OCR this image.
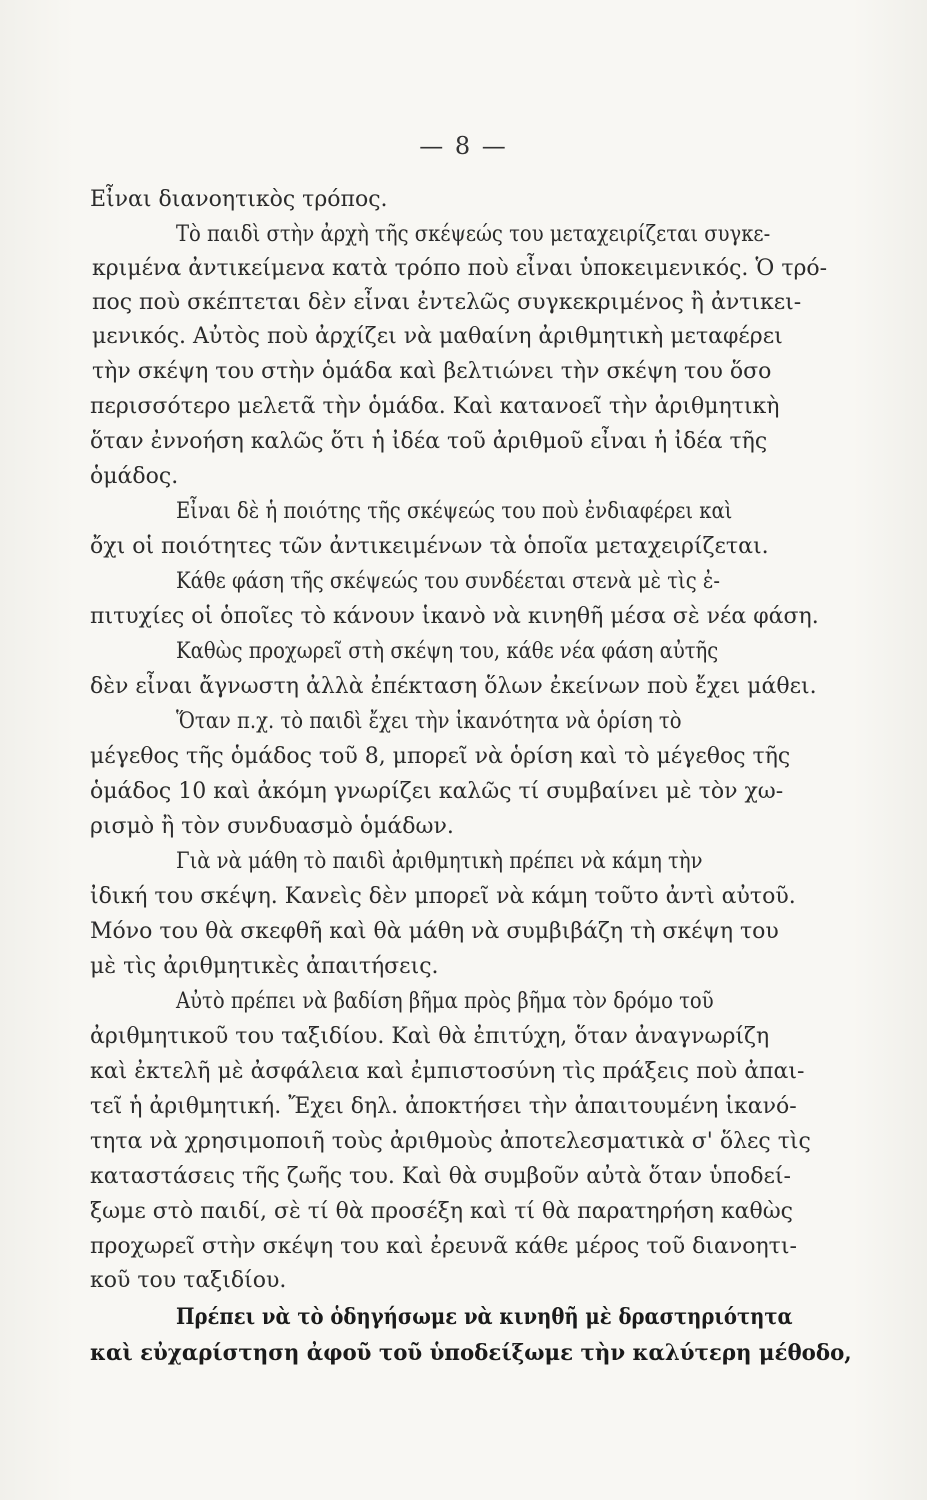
— 8 —
Εἶναι διανοητικὸς τρόπος.
Τὸ παιδὶ στὴν ἀρχὴ τῆς σκέψεώς του μεταχειρίζεται συγκε-
κριμένα ἀντικείμενα κατὰ τρόπο ποὺ εἶναι ὑποκειμενικός. Ὁ τρό-
πος ποὺ σκέπτεται δὲν εἶναι ἐντελῶς συγκεκριμένος ἢ ἀντικει-
μενικός. Αὐτὸς ποὺ ἀρχίζει νὰ μαθαίνη ἀριθμητικὴ μεταφέρει
τὴν σκέψη του στὴν ὁμάδα καὶ βελτιώνει τὴν σκέψη του ὅσο
περισσότερο μελετᾶ τὴν ὁμάδα. Καὶ κατανοεῖ τὴν ἀριθμητικὴ
ὅταν ἐννοήση καλῶς ὅτι ἡ ἰδέα τοῦ ἀριθμοῦ εἶναι ἡ ἰδέα τῆς
ὁμάδος.
Εἶναι δὲ ἡ ποιότης τῆς σκέψεώς του ποὺ ἐνδιαφέρει καὶ
ὄχι οἱ ποιότητες τῶν ἀντικειμένων τὰ ὁποῖα μεταχειρίζεται.
Κάθε φάση τῆς σκέψεώς του συνδέεται στενὰ μὲ τὶς ἐ-
πιτυχίες οἱ ὁποῖες τὸ κάνουν ἱκανὸ νὰ κινηθῆ μέσα σὲ νέα φάση.
Καθὼς προχωρεῖ στὴ σκέψη του, κάθε νέα φάση αὐτῆς
δὲν εἶναι ἄγνωστη ἀλλὰ ἐπέκταση ὅλων ἐκείνων ποὺ ἔχει μάθει.
Ὅταν π.χ. τὸ παιδὶ ἔχει τὴν ἱκανότητα νὰ ὁρίση τὸ
μέγεθος τῆς ὁμάδος τοῦ 8, μπορεῖ νὰ ὁρίση καὶ τὸ μέγεθος τῆς
ὁμάδος 10 καὶ ἀκόμη γνωρίζει καλῶς τί συμβαίνει μὲ τὸν χω-
ρισμὸ ἢ τὸν συνδυασμὸ ὁμάδων.
Γιὰ νὰ μάθη τὸ παιδὶ ἀριθμητικὴ πρέπει νὰ κάμη τὴν
ἰδική του σκέψη. Κανεὶς δὲν μπορεῖ νὰ κάμη τοῦτο ἀντὶ αὐτοῦ.
Μόνο του θὰ σκεφθῆ καὶ θὰ μάθη νὰ συμβιβάζη τὴ σκέψη του
μὲ τὶς ἀριθμητικὲς ἀπαιτήσεις.
Αὐτὸ πρέπει νὰ βαδίση βῆμα πρὸς βῆμα τὸν δρόμο τοῦ
ἀριθμητικοῦ του ταξιδίου. Καὶ θὰ ἐπιτύχη, ὅταν ἀναγνωρίζη
καὶ ἐκτελῆ μὲ ἀσφάλεια καὶ ἐμπιστοσύνη τὶς πράξεις ποὺ ἀπαι-
τεῖ ἡ ἀριθμητική. Ἔχει δηλ. ἀποκτήσει τὴν ἀπαιτουμένη ἱκανό-
τητα νὰ χρησιμοποιῆ τοὺς ἀριθμοὺς ἀποτελεσματικὰ σ' ὅλες τὶς
καταστάσεις τῆς ζωῆς του. Καὶ θὰ συμβοῦν αὐτὰ ὅταν ὑποδεί-
ξωμε στὸ παιδί, σὲ τί θὰ προσέξη καὶ τί θὰ παρατηρήση καθὼς
προχωρεῖ στὴν σκέψη του καὶ ἐρευνᾶ κάθε μέρος τοῦ διανοητι-
κοῦ του ταξιδίου.
Πρέπει νὰ τὸ ὁδηγήσωμε νὰ κινηθῆ μὲ δραστηριότητα
καὶ εὐχαρίστηση ἀφοῦ τοῦ ὑποδείξωμε τὴν καλύτερη μέθοδο,
